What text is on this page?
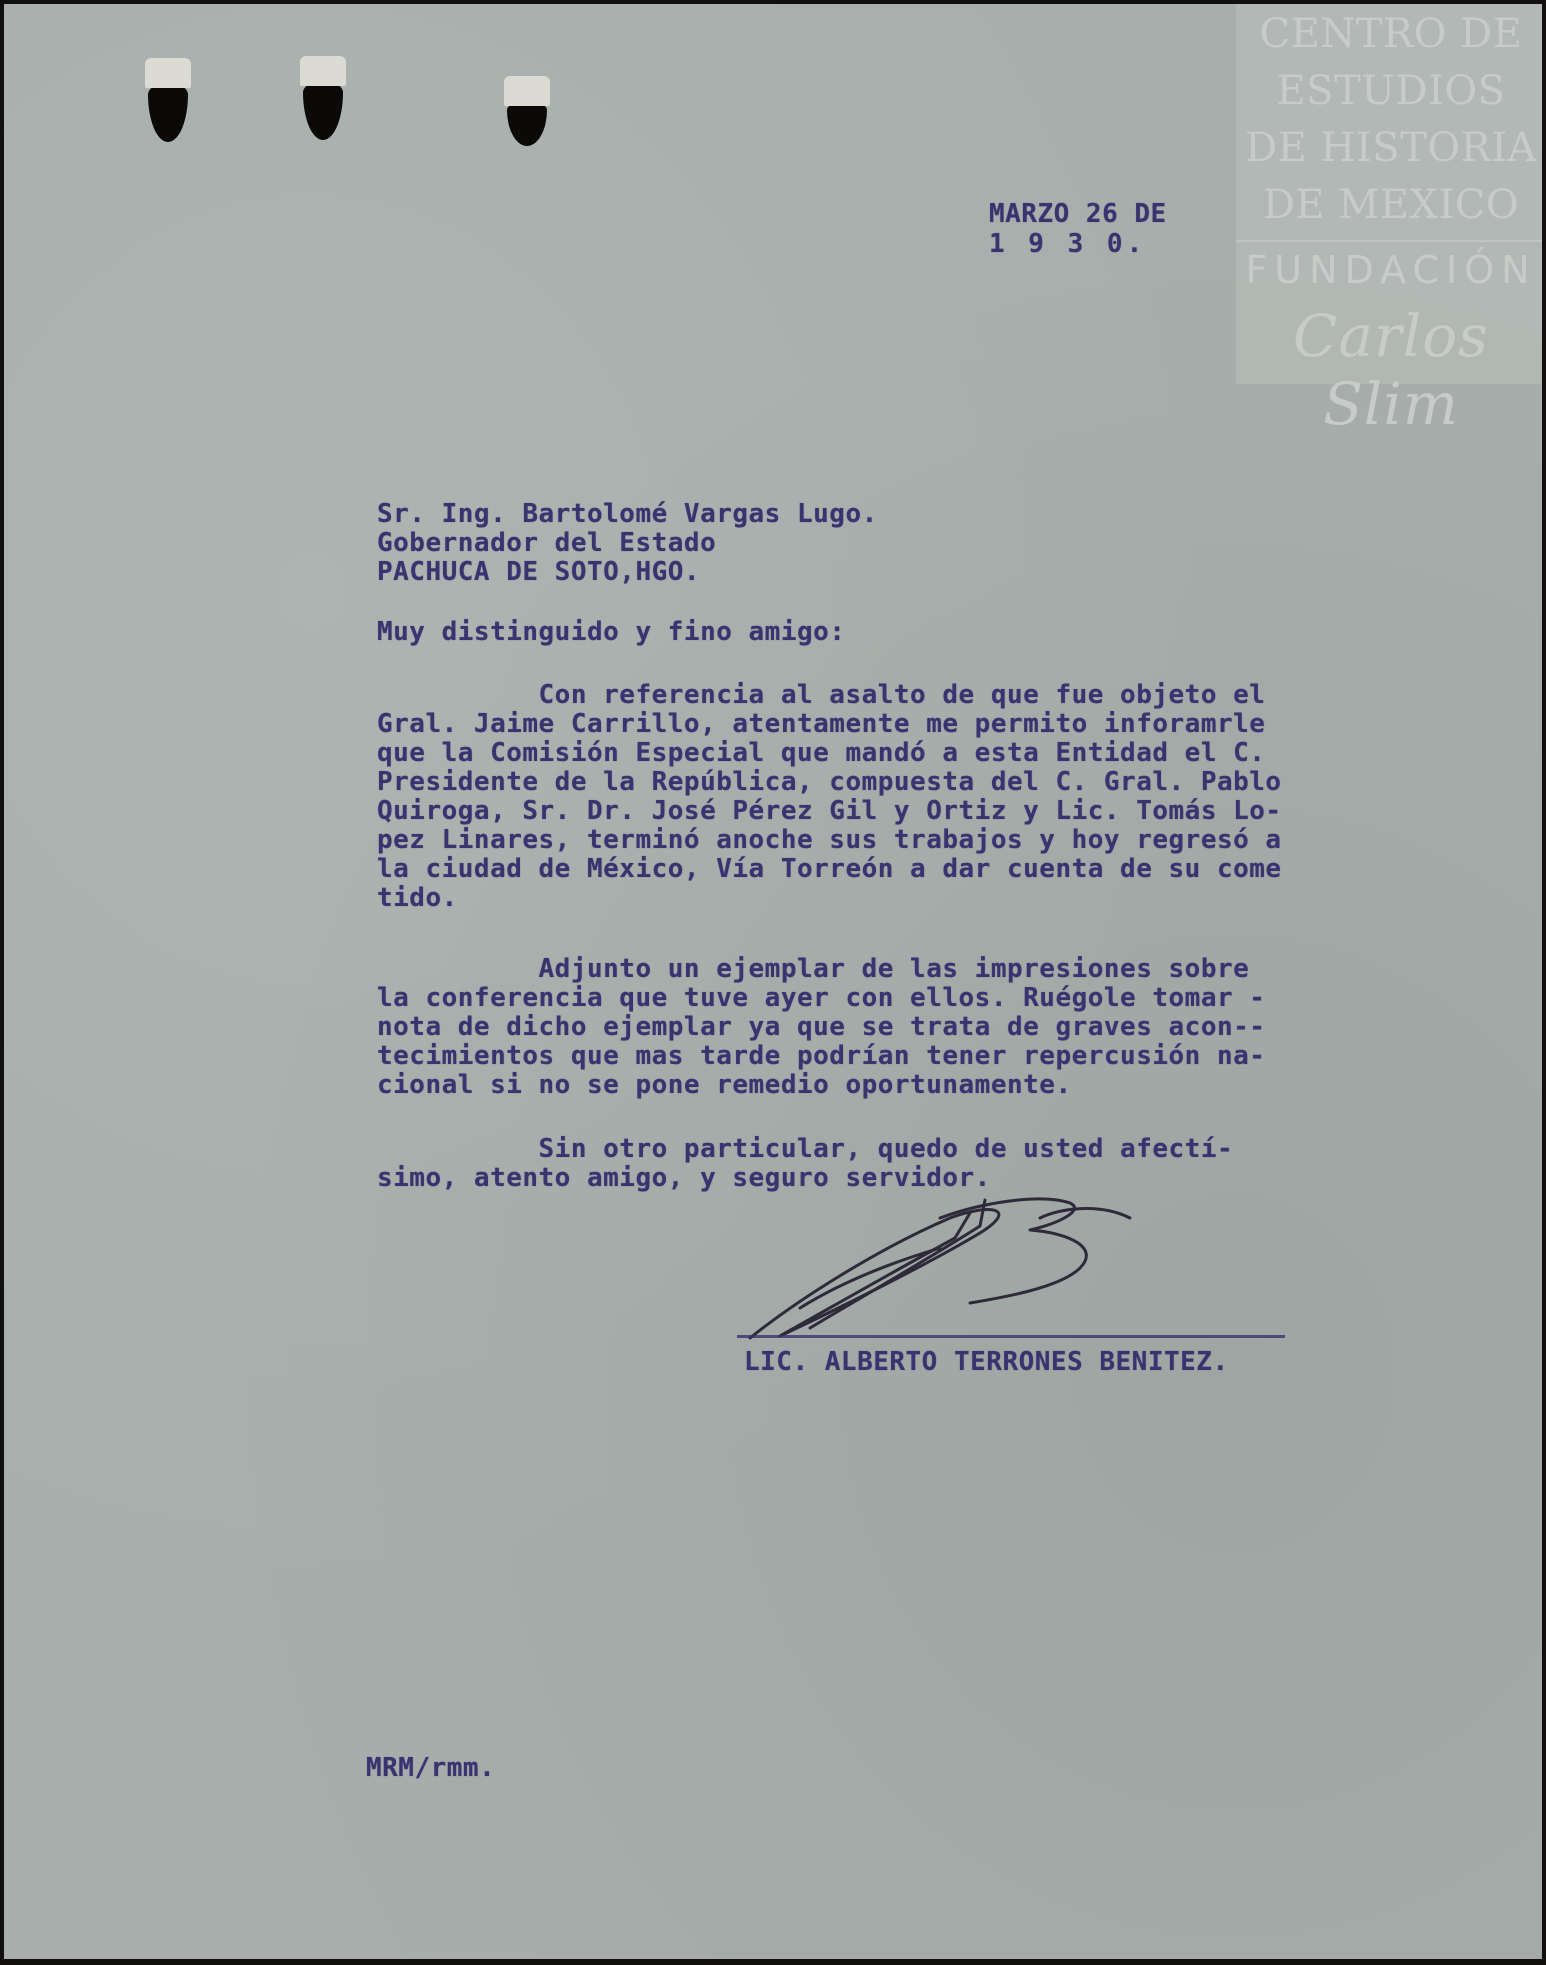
CENTRO DE
ESTUDIOS
DE HISTORIA
DE MEXICO
FUNDACIÓN
Carlos Slim
MARZO 26 DE
1 9 3 0.
Sr. Ing. Bartolomé Vargas Lugo.
Gobernador del Estado
PACHUCA DE SOTO,HGO.
Muy distinguido y fino amigo:
Con referencia al asalto de que fue objeto el
Gral. Jaime Carrillo, atentamente me permito inforamrle
que la Comisión Especial que mandó a esta Entidad el C.
Presidente de la República, compuesta del C. Gral. Pablo
Quiroga, Sr. Dr. José Pérez Gil y Ortiz y Lic. Tomás Lo-
pez Linares, terminó anoche sus trabajos y hoy regresó a
la ciudad de México, Vía Torreón a dar cuenta de su come
tido.
Adjunto un ejemplar de las impresiones sobre
la conferencia que tuve ayer con ellos. Ruégole tomar -
nota de dicho ejemplar ya que se trata de graves acon--
tecimientos que mas tarde podrían tener repercusión na-
cional si no se pone remedio oportunamente.
Sin otro particular, quedo de usted afectí-
simo, atento amigo, y seguro servidor.
LIC. ALBERTO TERRONES BENITEZ.
MRM/rmm.
